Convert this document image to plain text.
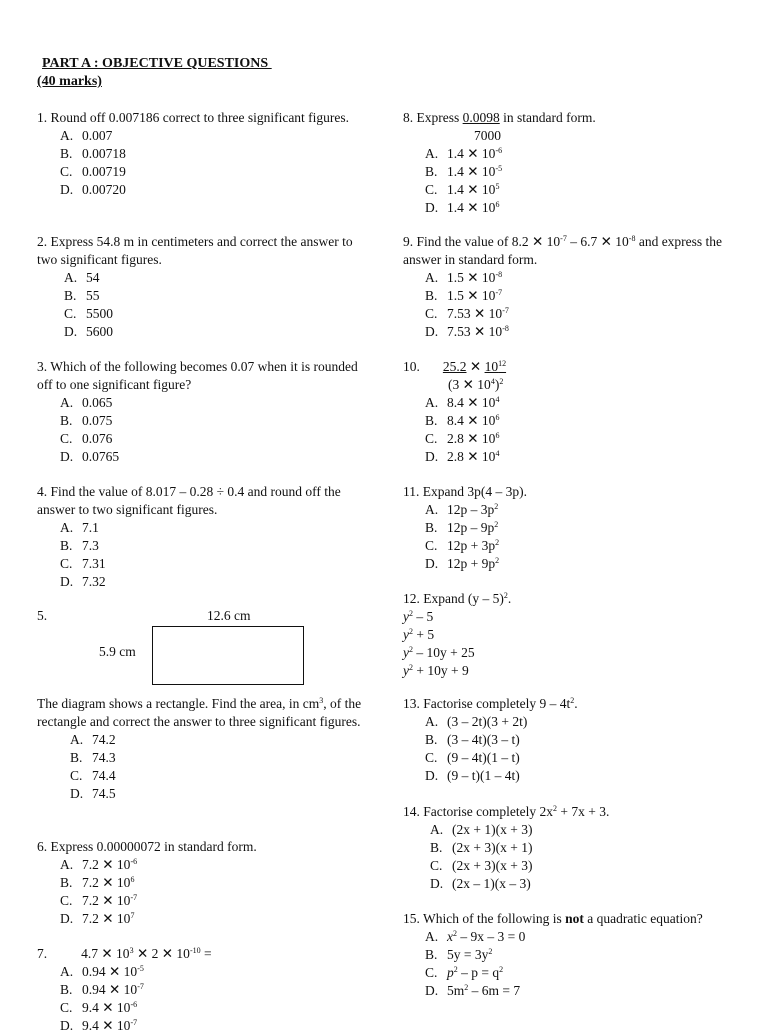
PART A : OBJECTIVE QUESTIONS
(40 marks)

1. Round off 0.007186 correct to three significant figures.

A. 0.007
B. 0.00718
C. 0.00719
D. 0.00720

2. Express 54.8 m in centimeters and correct the answer to two significant figures.

A. 54
B. 55
C. 5500
D. 5600

3. Which of the following becomes 0.07 when it is rounded off to one significant figure?

A. 0.065
B. 0.075
C. 0.076
D. 0.0765

4. Find the value of 8.017 – 0.28 ÷ 0.4 and round off the answer to two significant figures.

A. 7.1
B. 7.3
C. 7.31
D. 7.32
5.	12.6 cm
5.9 cm

The diagram shows a rectangle. Find the area, in $cm^3$, of the rectangle and correct the answer to three significant figures.

A. 74.2
B. 74.3
C. 74.4
D. 74.5

6. Express 0.00000072 in standard form.

A. 7.2 ✕ $10^{-6}$
B. 7.2 ✕ $10^6$
C. 7.2 ✕ $10^{-7}$
D. 7.2 ✕ $10^7$

7.	4.7 ✕ $10^3$ ✕ 2 ✕ $10^{-10}$ =

A. 0.94 ✕ $10^{-5}$
B. 0.94 ✕ $10^{-7}$
C. 9.4 ✕ $10^{-6}$
D. 9.4 ✕ $10^{-7}$

8. Express 0.0098 in standard form.

7000

A. 1.4 ✕ $10^{-6}$
B. 1.4 ✕ $10^{-5}$
C. 1.4 ✕ $10^5$
D. 1.4 ✕ $10^6$

9. Find the value of 8.2 ✕ $10^{-7} - 6.7$ ✕ $10^{-8}$ and express the answer in standard form.

A. 1.5 ✕ $10^{-8}$
B. 1.5 ✕ $10^{-7}$
C. 7.53 ✕ $10^{-7}$
D. 7.53 ✕ $10^{-8}$

10. 25.2 ✕ $10^{12}$

(3 ✕ $10^4)^2$

A. 8.4 ✕ $10^4$
B. 8.4 ✕ $10^6$
C. 2.8 ✕ $10^6$
D. 2.8 ✕ $10^4$

11. Expand 3p(4 – 3p).

A. $12p - 3p^2$
B. $12p - 9p^2$
C. $12p + 3p^2$
D. $12p + 9p^2$

12. Expand (y – 5)$^2$.

$y^2 - 5$
$y^2 + 5$
$y^2 - 10y + 25$
$y^2 + 10y + 9$

13. Factorise completely $9 - 4t^2$.

A. (3 – 2t)(3 + 2t)
B. (3 – 4t)(3 – t)
C. (9 – 4t)(1 – t)
D. (9 – t)(1 – 4t)

14. Factorise completely $2x^2 + 7x + 3$.

A. (2x + 1)(x + 3)
B. (2x + 3)(x + 1)
C. (2x + 3)(x + 3)
D. (2x – 1)(x – 3)

15. Which of the following is not a quadratic equation?

A. $x^2 - 9x - 3 = 0$
B. $5y = 3y^2$
C. $p^2 - p = q^2$
D. $5m^2 - 6m = 7$
